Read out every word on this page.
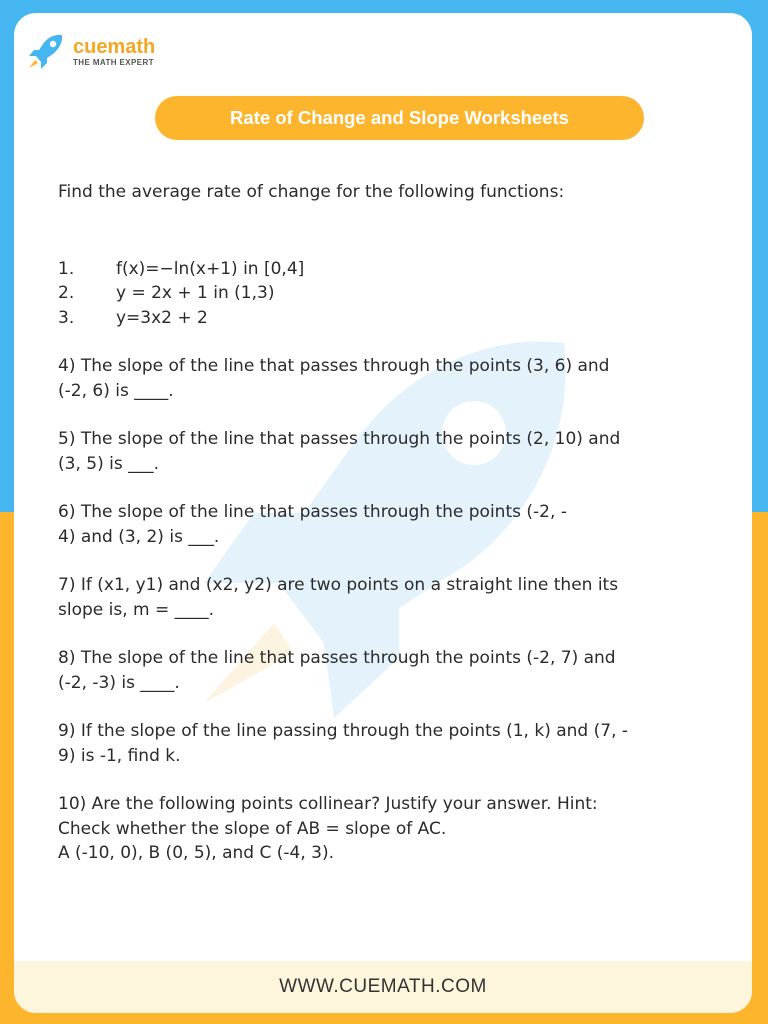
cuemath
THE MATH EXPERT
Rate of Change and Slope Worksheets

Find the average rate of change for the following functions:

1.	f(x)=−ln(x+1) in [0,4]
2.	y = 2x + 1 in (1,3)
3.	y=3x2 + 2
4) The slope of the line that passes through the points (3, 6) and
(-2, 6) is ____.
5) The slope of the line that passes through the points (2, 10) and
(3, 5) is ___.
6) The slope of the line that passes through the points (-2, -
4) and (3, 2) is ___.
7) If (x1, y1) and (x2, y2) are two points on a straight line then its
slope is, m = ____.
8) The slope of the line that passes through the points (-2, 7) and
(-2, -3) is ____.
9) If the slope of the line passing through the points (1, k) and (7, -
9) is -1, find k.
10) Are the following points collinear? Justify your answer. Hint:
Check whether the slope of AB = slope of AC.
A (-10, 0), B (0, 5), and C (-4, 3).
WWW.CUEMATH.COM
